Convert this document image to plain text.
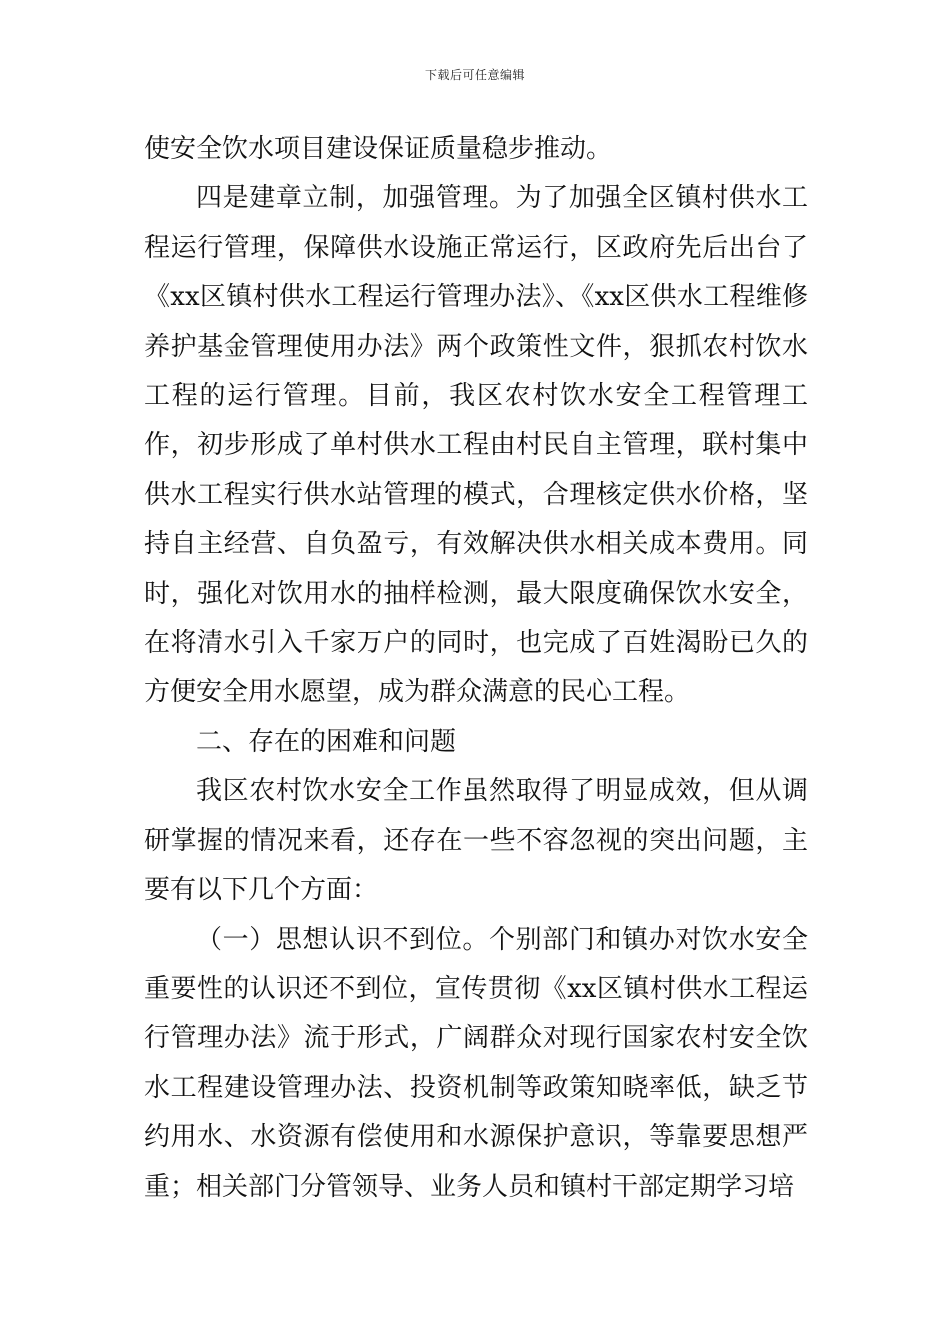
下载后可任意编辑

使安全饮水项目建设保证质量稳步推动。

四是建章立制，加强管理。为了加强全区镇村供水工程运行管理，保障供水设施正常运行，区政府先后出台了《xx区镇村供水工程运行管理办法》、《xx区供水工程维修养护基金管理使用办法》两个政策性文件，狠抓农村饮水工程的运行管理。目前，我区农村饮水安全工程管理工作，初步形成了单村供水工程由村民自主管理，联村集中供水工程实行供水站管理的模式，合理核定供水价格，坚持自主经营、自负盈亏，有效解决供水相关成本费用。同时，强化对饮用水的抽样检测，最大限度确保饮水安全，在将清水引入千家万户的同时，也完成了百姓渴盼已久的方便安全用水愿望，成为群众满意的民心工程。

二、存在的困难和问题

我区农村饮水安全工作虽然取得了明显成效，但从调研掌握的情况来看，还存在一些不容忽视的突出问题，主要有以下几个方面：

（一）思想认识不到位。个别部门和镇办对饮水安全重要性的认识还不到位，宣传贯彻《xx区镇村供水工程运行管理办法》流于形式，广阔群众对现行国家农村安全饮水工程建设管理办法、投资机制等政策知晓率低，缺乏节约用水、水资源有偿使用和水源保护意识，等靠要思想严重；相关部门分管领导、业务人员和镇村干部定期学习培
